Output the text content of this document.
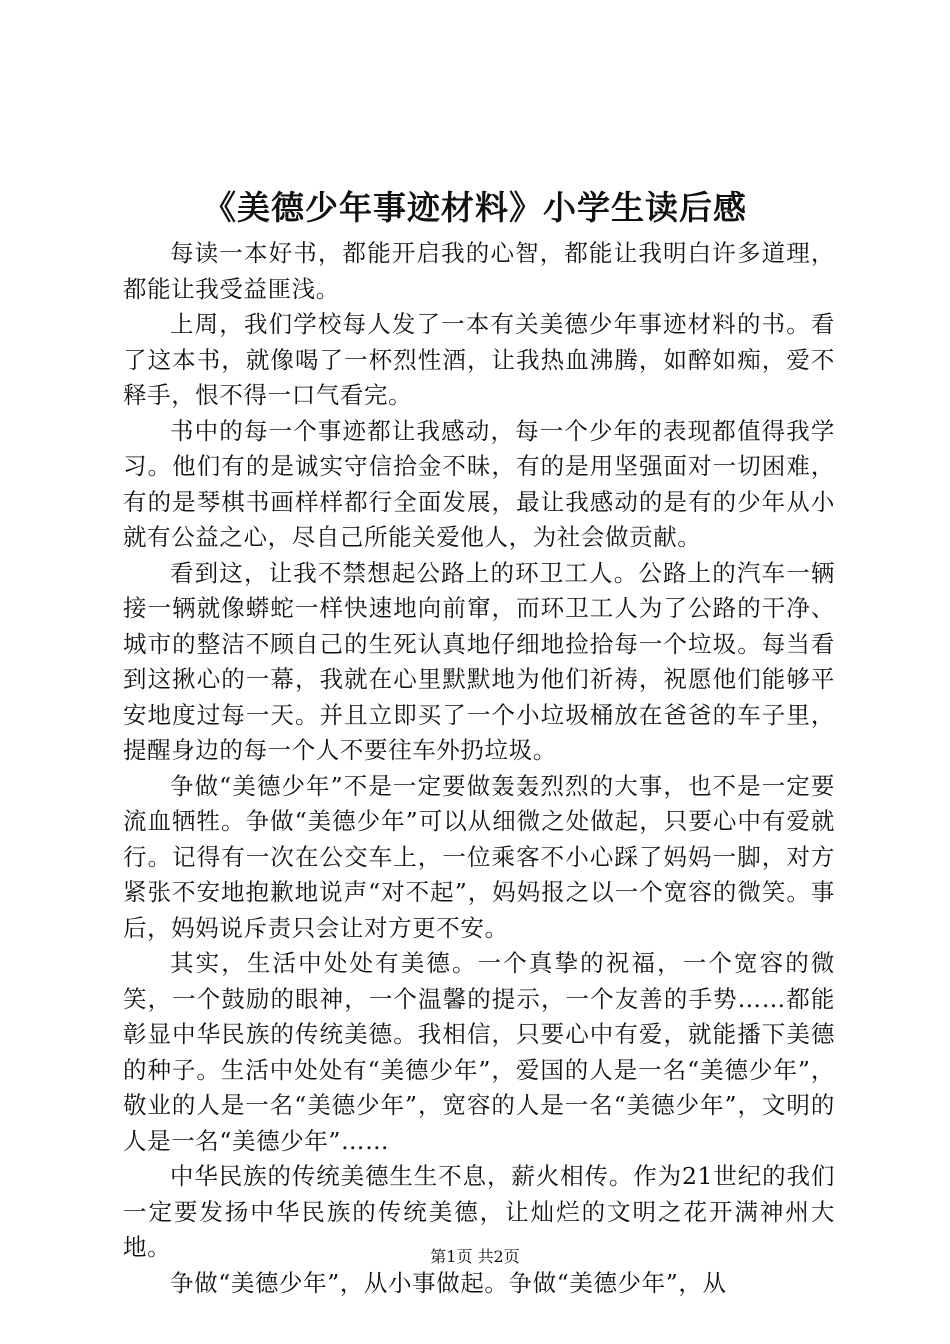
《美德少年事迹材料》小学生读后感

每读一本好书，都能开启我的心智，都能让我明白许多道理，都能让我受益匪浅。

上周，我们学校每人发了一本有关美德少年事迹材料的书。看了这本书，就像喝了一杯烈性酒，让我热血沸腾，如醉如痴，爱不释手，恨不得一口气看完。

书中的每一个事迹都让我感动，每一个少年的表现都值得我学习。他们有的是诚实守信拾金不昧，有的是用坚强面对一切困难，有的是琴棋书画样样都行全面发展，最让我感动的是有的少年从小就有公益之心，尽自己所能关爱他人，为社会做贡献。

看到这，让我不禁想起公路上的环卫工人。公路上的汽车一辆接一辆就像蟒蛇一样快速地向前窜，而环卫工人为了公路的干净、城市的整洁不顾自己的生死认真地仔细地捡拾每一个垃圾。每当看到这揪心的一幕，我就在心里默默地为他们祈祷，祝愿他们能够平安地度过每一天。并且立即买了一个小垃圾桶放在爸爸的车子里，提醒身边的每一个人不要往车外扔垃圾。

争做“美德少年”不是一定要做轰轰烈烈的大事，也不是一定要流血牺牲。争做“美德少年”可以从细微之处做起，只要心中有爱就行。记得有一次在公交车上，一位乘客不小心踩了妈妈一脚，对方紧张不安地抱歉地说声“对不起”，妈妈报之以一个宽容的微笑。事后，妈妈说斥责只会让对方更不安。

其实，生活中处处有美德。一个真挚的祝福，一个宽容的微笑，一个鼓励的眼神，一个温馨的提示，一个友善的手势……都能彰显中华民族的传统美德。我相信，只要心中有爱，就能播下美德的种子。生活中处处有“美德少年”，爱国的人是一名“美德少年”，敬业的人是一名“美德少年”，宽容的人是一名“美德少年”，文明的人是一名“美德少年”……

中华民族的传统美德生生不息，薪火相传。作为21世纪的我们一定要发扬中华民族的传统美德，让灿烂的文明之花开满神州大地。

争做“美德少年”，从小事做起。争做“美德少年”，从

第1页 共2页
